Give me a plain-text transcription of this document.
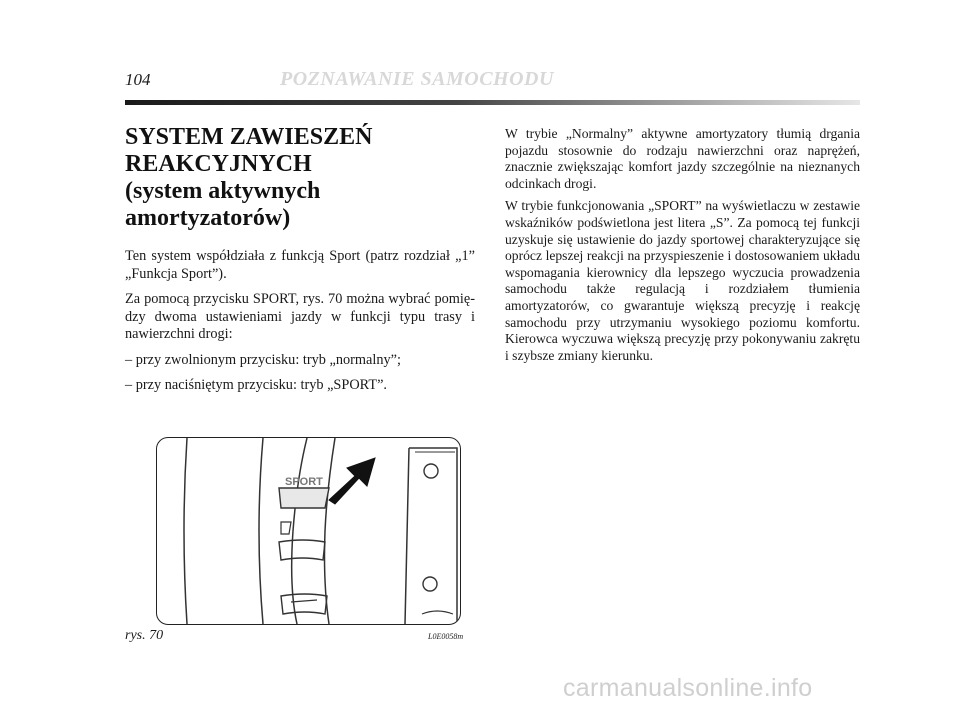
104	POZNAWANIE SAMOCHODU
SYSTEM ZAWIESZEŃ
REAKCYJNYCH
(system aktywnych amortyzatorów)

Ten system współdziała z funkcją Sport (patrz rozdział „1” „Funkcja Sport”).

Za pomocą przycisku SPORT, rys. 70 można wybrać pomiędzy dwoma ustawieniami jazdy w funkcji typu trasy i nawierzchni drogi:

– przy zwolnionym przycisku: tryb „normalny”;

– przy naciśniętym przycisku: tryb „SPORT”.

W trybie „Normalny” aktywne amortyzatory tłumią drgania pojazdu stosownie do rodzaju nawierzchni oraz naprężeń, znacznie zwiększając komfort jazdy szczególnie na nieznanych odcinkach drogi.

W trybie funkcjonowania „SPORT” na wyświetlaczu w zestawie wskaźników podświetlona jest litera „S”. Za pomocą tej funkcji uzyskuje się ustawienie do jazdy sportowej charakteryzujące się oprócz lepszej reakcji na przyspieszenie i dostosowaniem układu wspomagania kierownicy dla lepszego wyczucia prowadzenia samochodu także regulacją i rozdziałem tłumienia amortyzatorów, co gwarantuje większą precyzję i reakcję samochodu przy utrzymaniu wysokiego poziomu komfortu. Kierowca wyczuwa większą precyzję przy pokonywaniu zakrętu i szybsze zmiany kierunku.

SPORT
rys. 70	L0E0058m
carmanualsonline.info
